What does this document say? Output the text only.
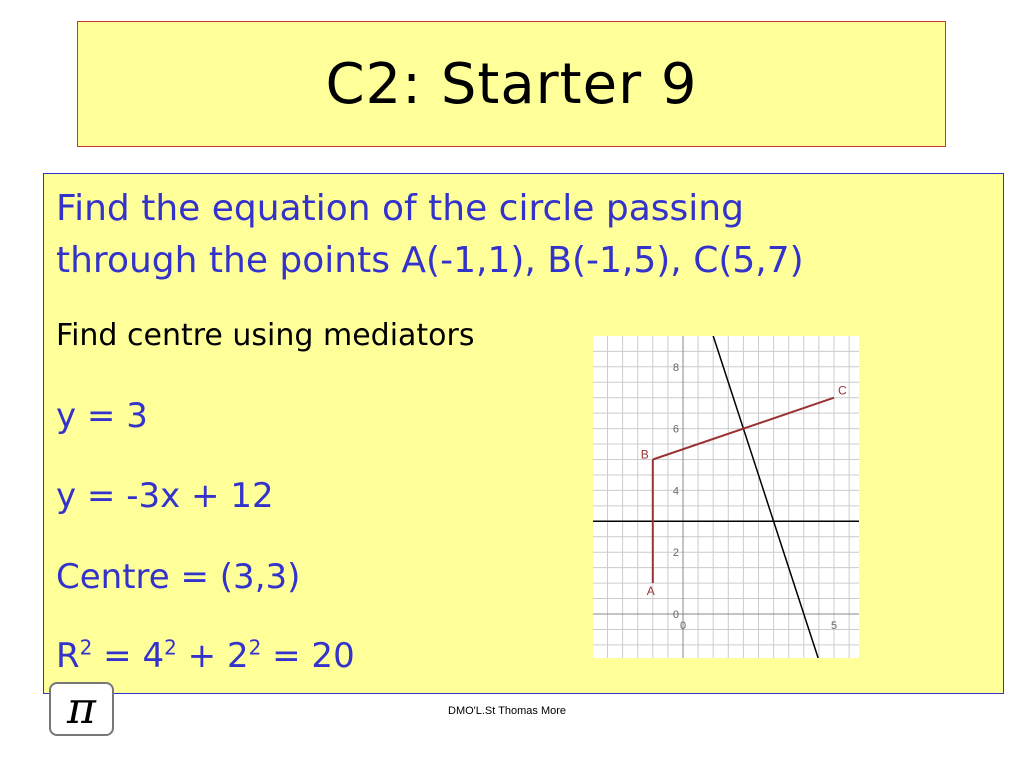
C2: Starter 9
Find the equation of the circle passing
through the points A(-1,1), B(-1,5), C(5,7)
Find centre using mediators
y = 3
y = -3x + 12
Centre = (3,3)
$R^2 = 4^2 + 2^2 = 20$
0
2
4
6
8
0	5
A
B
C
π	DMO'L.St Thomas More
